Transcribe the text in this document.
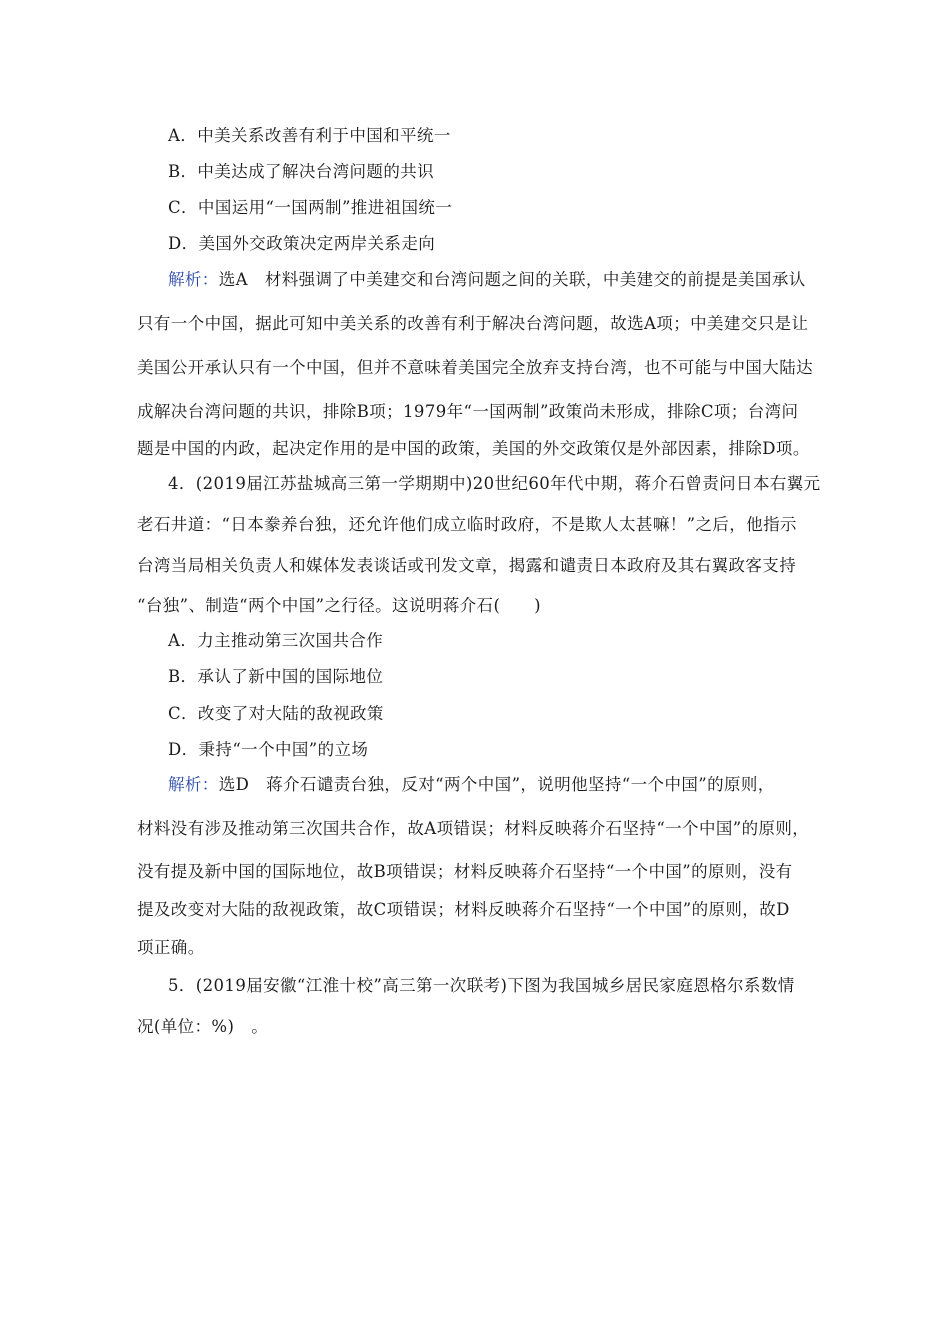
A．中美关系改善有利于中国和平统一
B．中美达成了解决台湾问题的共识
C．中国运用“一国两制”推进祖国统一
D．美国外交政策决定两岸关系走向
解析：选A　材料强调了中美建交和台湾问题之间的关联，中美建交的前提是美国承认
只有一个中国，据此可知中美关系的改善有利于解决台湾问题，故选A项；中美建交只是让
美国公开承认只有一个中国，但并不意味着美国完全放弃支持台湾，也不可能与中国大陆达
成解决台湾问题的共识，排除B项；1979年“一国两制”政策尚未形成，排除C项；台湾问
题是中国的内政，起决定作用的是中国的政策，美国的外交政策仅是外部因素，排除D项。
4．(2019届江苏盐城高三第一学期期中)20世纪60年代中期，蒋介石曾责问日本右翼元
老石井道：“日本豢养台独，还允许他们成立临时政府，不是欺人太甚嘛！”之后，他指示
台湾当局相关负责人和媒体发表谈话或刊发文章，揭露和谴责日本政府及其右翼政客支持
“台独”、制造“两个中国”之行径。这说明蒋介石(　　)
A．力主推动第三次国共合作
B．承认了新中国的国际地位
C．改变了对大陆的敌视政策
D．秉持“一个中国”的立场
解析：选D　蒋介石谴责台独，反对“两个中国”，说明他坚持“一个中国”的原则，
材料没有涉及推动第三次国共合作，故A项错误；材料反映蒋介石坚持“一个中国”的原则，
没有提及新中国的国际地位，故B项错误；材料反映蒋介石坚持“一个中国”的原则，没有
提及改变对大陆的敌视政策，故C项错误；材料反映蒋介石坚持“一个中国”的原则，故D
项正确。
5．(2019届安徽“江淮十校”高三第一次联考)下图为我国城乡居民家庭恩格尔系数情
况(单位：%)　。
